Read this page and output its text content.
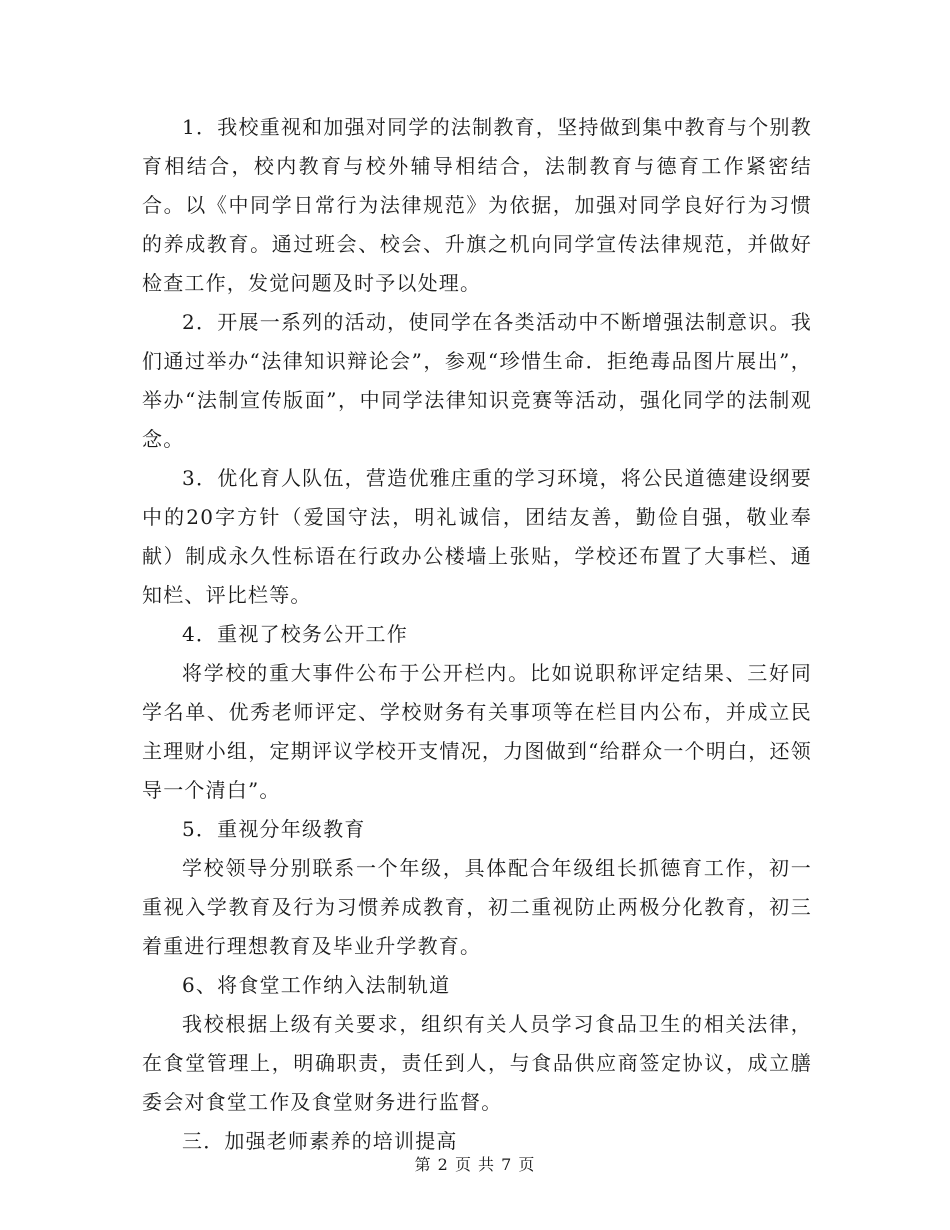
1．我校重视和加强对同学的法制教育，坚持做到集中教育与个别教育相结合，校内教育与校外辅导相结合，法制教育与德育工作紧密结合。以《中同学日常行为法律规范》为依据，加强对同学良好行为习惯的养成教育。通过班会、校会、升旗之机向同学宣传法律规范，并做好检查工作，发觉问题及时予以处理。

2．开展一系列的活动，使同学在各类活动中不断增强法制意识。我们通过举办“法律知识辩论会”，参观“珍惜生命．拒绝毒品图片展出”，举办“法制宣传版面”，中同学法律知识竞赛等活动，强化同学的法制观念。

3．优化育人队伍，营造优雅庄重的学习环境，将公民道德建设纲要中的20字方针（爱国守法，明礼诚信，团结友善，勤俭自强，敬业奉献）制成永久性标语在行政办公楼墙上张贴，学校还布置了大事栏、通知栏、评比栏等。

4．重视了校务公开工作

将学校的重大事件公布于公开栏内。比如说职称评定结果、三好同学名单、优秀老师评定、学校财务有关事项等在栏目内公布，并成立民主理财小组，定期评议学校开支情况，力图做到“给群众一个明白，还领导一个清白”。

5．重视分年级教育

学校领导分别联系一个年级，具体配合年级组长抓德育工作，初一重视入学教育及行为习惯养成教育，初二重视防止两极分化教育，初三着重进行理想教育及毕业升学教育。

6、将食堂工作纳入法制轨道

我校根据上级有关要求，组织有关人员学习食品卫生的相关法律，在食堂管理上，明确职责，责任到人，与食品供应商签定协议，成立膳委会对食堂工作及食堂财务进行监督。

三．加强老师素养的培训提高

第 2 页 共 7 页
